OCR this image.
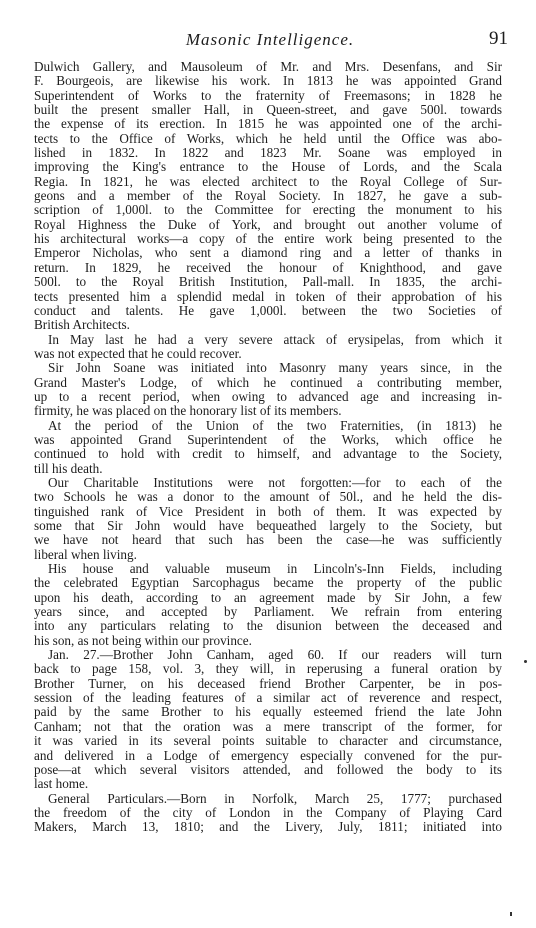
Masonic Intelligence.	91
Dulwich Gallery, and Mausoleum of Mr. and Mrs. Desenfans, and Sir
F. Bourgeois, are likewise his work. In 1813 he was appointed Grand
Superintendent of Works to the fraternity of Freemasons; in 1828 he
built the present smaller Hall, in Queen-street, and gave 500l. towards
the expense of its erection. In 1815 he was appointed one of the archi-
tects to the Office of Works, which he held until the Office was abo-
lished in 1832. In 1822 and 1823 Mr. Soane was employed in
improving the King's entrance to the House of Lords, and the Scala
Regia. In 1821, he was elected architect to the Royal College of Sur-
geons and a member of the Royal Society. In 1827, he gave a sub-
scription of 1,000l. to the Committee for erecting the monument to his
Royal Highness the Duke of York, and brought out another volume of
his architectural works—a copy of the entire work being presented to the
Emperor Nicholas, who sent a diamond ring and a letter of thanks in
return. In 1829, he received the honour of Knighthood, and gave
500l. to the Royal British Institution, Pall-mall. In 1835, the archi-
tects presented him a splendid medal in token of their approbation of his
conduct and talents. He gave 1,000l. between the two Societies of
British Architects.
In May last he had a very severe attack of erysipelas, from which it
was not expected that he could recover.
Sir John Soane was initiated into Masonry many years since, in the
Grand Master's Lodge, of which he continued a contributing member,
up to a recent period, when owing to advanced age and increasing in-
firmity, he was placed on the honorary list of its members.
At the period of the Union of the two Fraternities, (in 1813) he
was appointed Grand Superintendent of the Works, which office he
continued to hold with credit to himself, and advantage to the Society,
till his death.
Our Charitable Institutions were not forgotten:—for to each of the
two Schools he was a donor to the amount of 50l., and he held the dis-
tinguished rank of Vice President in both of them. It was expected by
some that Sir John would have bequeathed largely to the Society, but
we have not heard that such has been the case—he was sufficiently
liberal when living.
His house and valuable museum in Lincoln's-Inn Fields, including
the celebrated Egyptian Sarcophagus became the property of the public
upon his death, according to an agreement made by Sir John, a few
years since, and accepted by Parliament. We refrain from entering
into any particulars relating to the disunion between the deceased and
his son, as not being within our province.
Jan. 27.—Brother John Canham, aged 60. If our readers will turn
back to page 158, vol. 3, they will, in reperusing a funeral oration by
Brother Turner, on his deceased friend Brother Carpenter, be in pos-
session of the leading features of a similar act of reverence and respect,
paid by the same Brother to his equally esteemed friend the late John
Canham; not that the oration was a mere transcript of the former, for
it was varied in its several points suitable to character and circumstance,
and delivered in a Lodge of emergency especially convened for the pur-
pose—at which several visitors attended, and followed the body to its
last home.
General Particulars.—Born in Norfolk, March 25, 1777; purchased
the freedom of the city of London in the Company of Playing Card
Makers, March 13, 1810; and the Livery, July, 1811; initiated into
